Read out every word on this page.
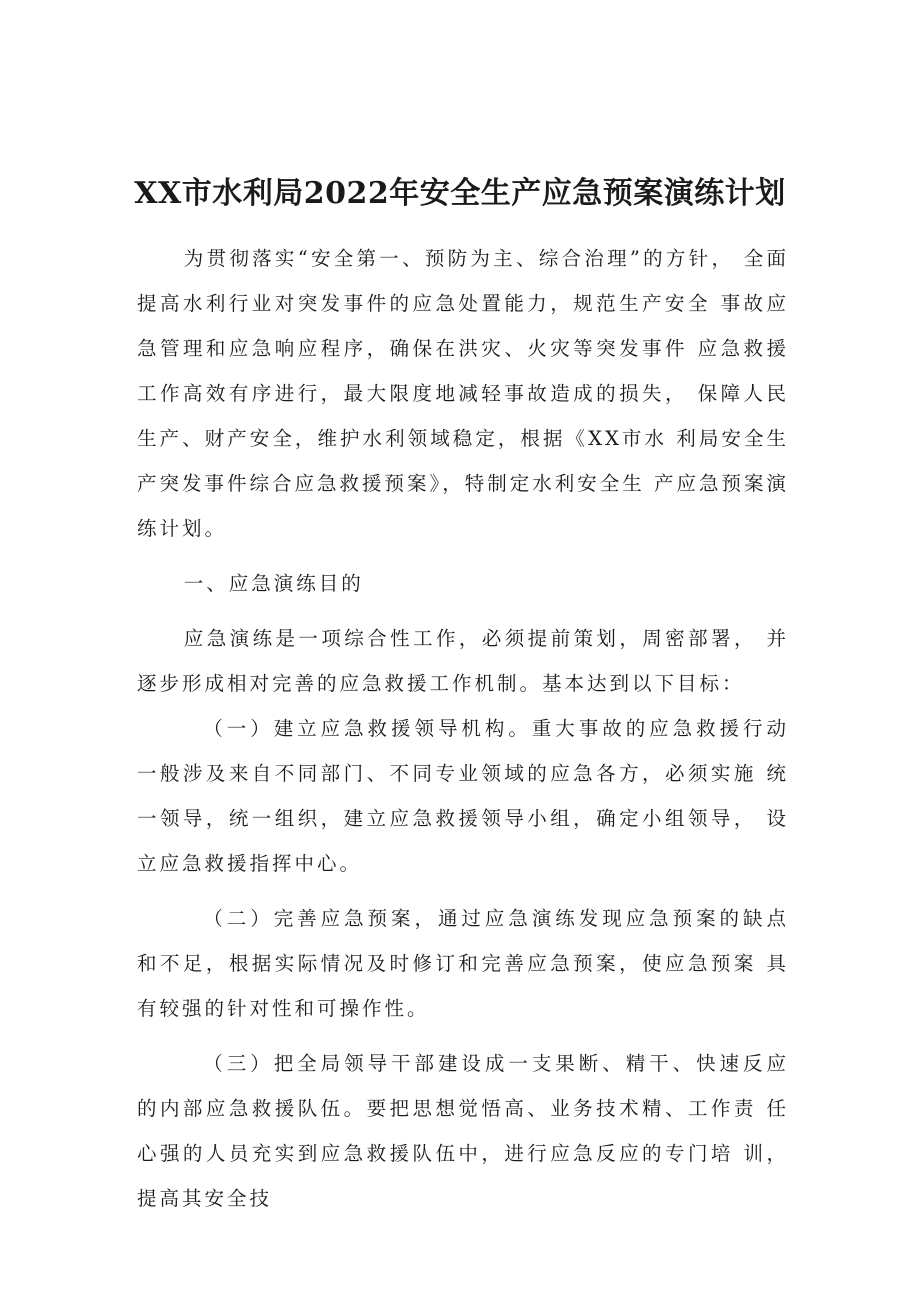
XX市水利局2022年安全生产应急预案演练计划

为贯彻落实“安全第一、预防为主、综合治理”的方针， 全面提高水利行业对突发事件的应急处置能力，规范生产安全 事故应急管理和应急响应程序，确保在洪灾、火灾等突发事件 应急救援工作高效有序进行，最大限度地减轻事故造成的损失， 保障人民生产、财产安全，维护水利领域稳定，根据《XX市水 利局安全生产突发事件综合应急救援预案》，特制定水利安全生 产应急预案演练计划。

一、应急演练目的

应急演练是一项综合性工作，必须提前策划，周密部署， 并逐步形成相对完善的应急救援工作机制。基本达到以下目标：

（一）建立应急救援领导机构。重大事故的应急救援行动 一般涉及来自不同部门、不同专业领域的应急各方，必须实施 统一领导，统一组织，建立应急救援领导小组，确定小组领导， 设立应急救援指挥中心。

（二）完善应急预案，通过应急演练发现应急预案的缺点 和不足，根据实际情况及时修订和完善应急预案，使应急预案 具有较强的针对性和可操作性。

（三）把全局领导干部建设成一支果断、精干、快速反应 的内部应急救援队伍。要把思想觉悟高、业务技术精、工作责 任心强的人员充实到应急救援队伍中，进行应急反应的专门培 训，提高其安全技
